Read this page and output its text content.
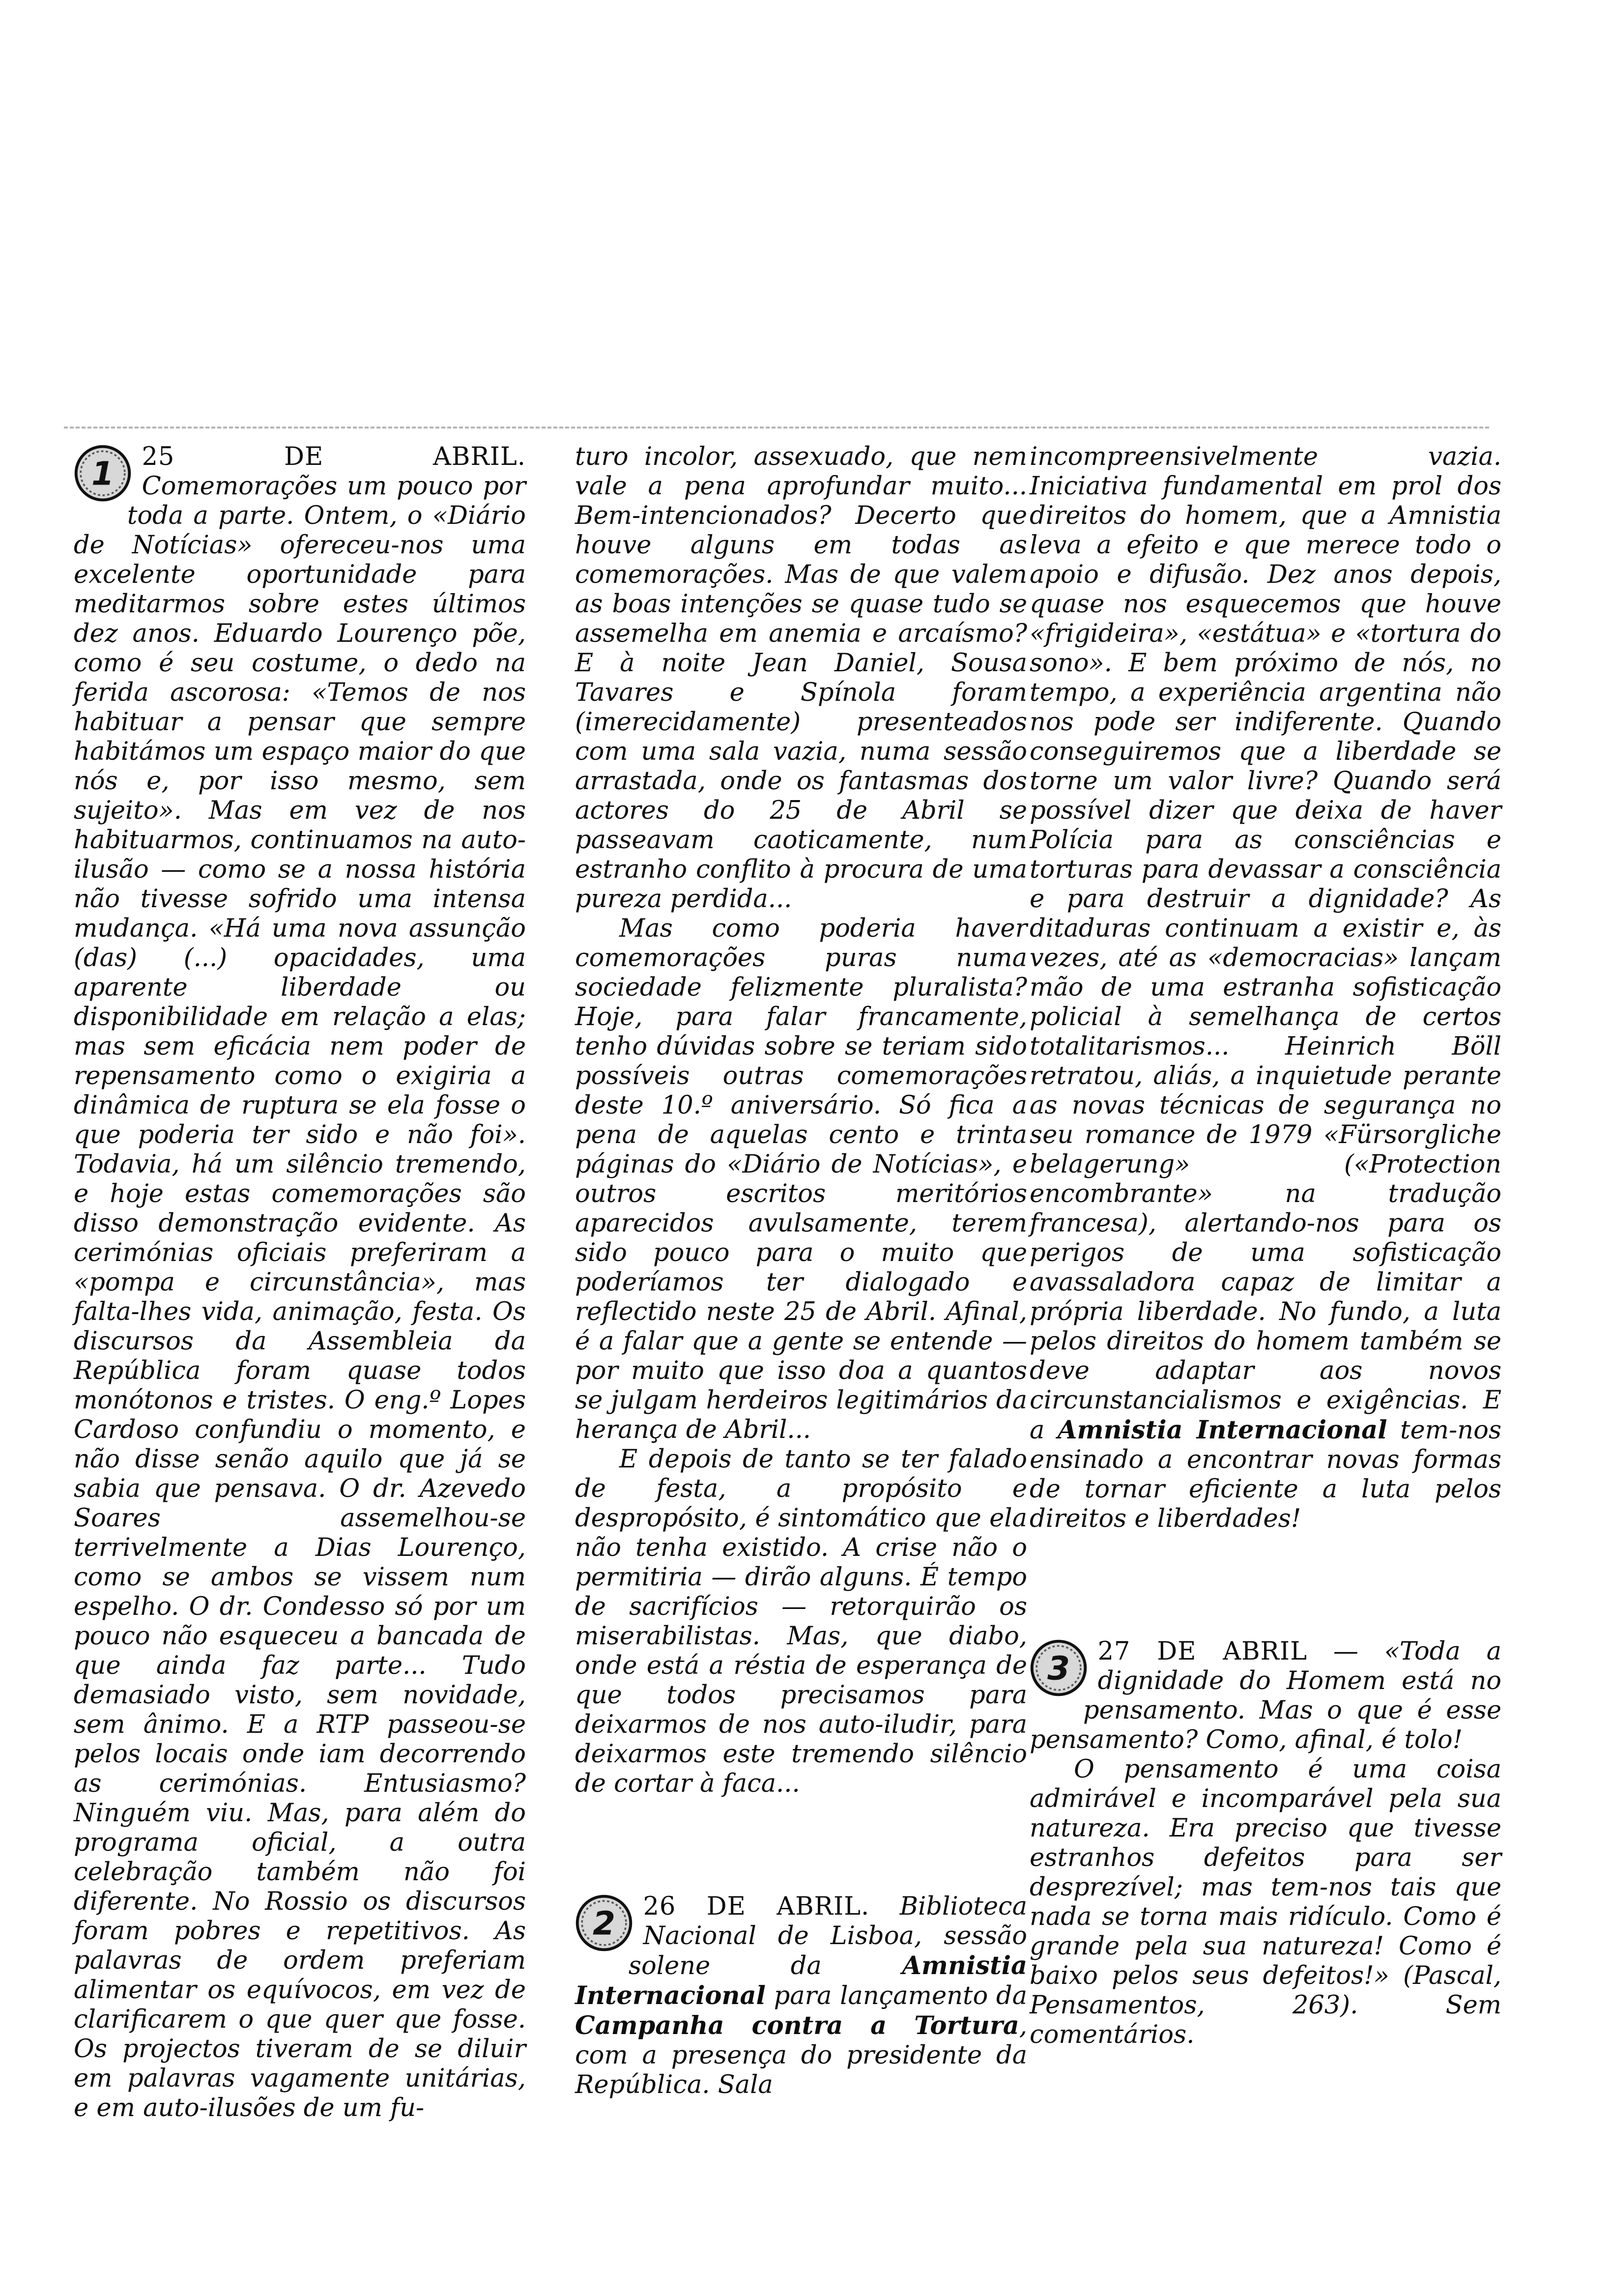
1	25 DE ABRIL. Comemorações um pouco por toda a parte. Ontem, o «Diário de Notícias» ofereceu-nos uma excelente oportunidade para meditarmos sobre estes últimos dez anos. Eduardo Lourenço põe, como é seu costume, o dedo na ferida ascorosa: «Temos de nos habituar a pensar que sempre habitámos um espaço maior do que nós e, por isso mesmo, sem sujeito». Mas em vez de nos habituarmos, continuamos na auto-ilusão — como se a nossa história não tivesse sofrido uma intensa mudança. «Há uma nova assunção (das) (...) opacidades, uma aparente liberdade ou disponibilidade em relação a elas; mas sem eficácia nem poder de repensamento como o exigiria a dinâmica de ruptura se ela fosse o que poderia ter sido e não foi». Todavia, há um silêncio tremendo, e hoje estas comemorações são disso demonstração evidente. As cerimónias oficiais preferiram a «pompa e circunstância», mas falta-lhes vida, animação, festa. Os discursos da Assembleia da República foram quase todos monótonos e tristes. O eng.º Lopes Cardoso confundiu o momento, e não disse senão aquilo que já se sabia que pensava. O dr. Azevedo Soares assemelhou-se terrivelmente a Dias Lourenço, como se ambos se vissem num espelho. O dr. Condesso só por um pouco não esqueceu a bancada de que ainda faz parte... Tudo demasiado visto, sem novidade, sem ânimo. E a RTP passeou-se pelos locais onde iam decorrendo as cerimónias. Entusiasmo? Ninguém viu. Mas, para além do programa oficial, a outra celebração também não foi diferente. No Rossio os discursos foram pobres e repetitivos. As palavras de ordem preferiam alimentar os equívocos, em vez de clarificarem o que quer que fosse. Os projectos tiveram de se diluir em palavras vagamente unitárias, e em auto-ilusões de um fu-

turo incolor, assexuado, que nem vale a pena aprofundar muito... Bem-intencionados? Decerto que houve alguns em todas as comemorações. Mas de que valem as boas intenções se quase tudo se assemelha em anemia e arcaísmo? E à noite Jean Daniel, Sousa Tavares e Spínola foram (imerecidamente) presenteados com uma sala vazia, numa sessão arrastada, onde os fantasmas dos actores do 25 de Abril se passeavam caoticamente, num estranho conflito à procura de uma pureza perdida...

Mas como poderia haver comemorações puras numa sociedade felizmente pluralista? Hoje, para falar francamente, tenho dúvidas sobre se teriam sido possíveis outras comemorações deste 10.º aniversário. Só fica a pena de aquelas cento e trinta páginas do «Diário de Notícias», e outros escritos meritórios aparecidos avulsamente, terem sido pouco para o muito que poderíamos ter dialogado e reflectido neste 25 de Abril. Afinal, é a falar que a gente se entende — por muito que isso doa a quantos se julgam herdeiros legitimários da herança de Abril...

E depois de tanto se ter falado de festa, a propósito e despropósito, é sintomático que ela não tenha existido. A crise não o permitiria — dirão alguns. É tempo de sacrifícios — retorquirão os miserabilistas. Mas, que diabo, onde está a réstia de esperança de que todos precisamos para deixarmos de nos auto-iludir, para deixarmos este tremendo silêncio de cortar à faca...

2	26 DE ABRIL. Biblioteca Nacional de Lisboa, sessão solene da Amnistia Internacional para lançamento da Campanha contra a Tortura, com a presença do presidente da República. Sala

incompreensivelmente vazia. Iniciativa fundamental em prol dos direitos do homem, que a Amnistia leva a efeito e que merece todo o apoio e difusão. Dez anos depois, quase nos esquecemos que houve «frigideira», «estátua» e «tortura do sono». E bem próximo de nós, no tempo, a experiência argentina não nos pode ser indiferente. Quando conseguiremos que a liberdade se torne um valor livre? Quando será possível dizer que deixa de haver Polícia para as consciências e torturas para devassar a consciência e para destruir a dignidade? As ditaduras continuam a existir e, às vezes, até as «democracias» lançam mão de uma estranha sofisticação policial à semelhança de certos totalitarismos... Heinrich Böll retratou, aliás, a inquietude perante as novas técnicas de segurança no seu romance de 1979 «Fürsorgliche belagerung» («Protection encombrante» na tradução francesa), alertando-nos para os perigos de uma sofisticação avassaladora capaz de limitar a própria liberdade. No fundo, a luta pelos direitos do homem também se deve adaptar aos novos circunstancialismos e exigências. E a Amnistia Internacional tem-nos ensinado a encontrar novas formas de tornar eficiente a luta pelos direitos e liberdades!

3	27 DE ABRIL — «Toda a dignidade do Homem está no pensamento. Mas o que é esse pensamento? Como, afinal, é tolo!

O pensamento é uma coisa admirável e incomparável pela sua natureza. Era preciso que tivesse estranhos defeitos para ser desprezível; mas tem-nos tais que nada se torna mais ridículo. Como é grande pela sua natureza! Como é baixo pelos seus defeitos!» (Pascal, Pensamentos, 263). Sem comentários.
